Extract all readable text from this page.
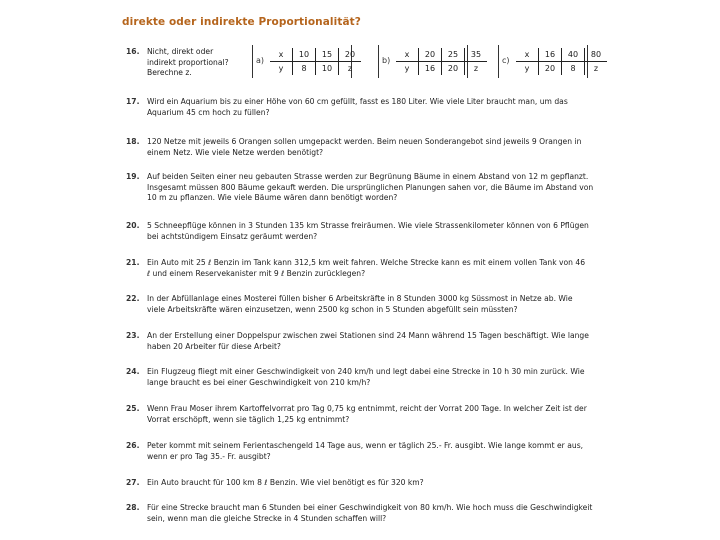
direkte oder indirekte Proportionalität?
16. Nicht, direkt oder
indirekt proportional?
Berechne z.
a)
x	10	15	20
y	8	10	z
b)
x	20	25	35
y	16	20	z
c)
x	16	40	80
y	20	8	z
17. Wird ein Aquarium bis zu einer Höhe von 60 cm gefüllt, fasst es 180 Liter. Wie viele Liter braucht man, um das
Aquarium 45 cm hoch zu füllen?
18. 120 Netze mit jeweils 6 Orangen sollen umgepackt werden. Beim neuen Sonderangebot sind jeweils 9 Orangen in
einem Netz. Wie viele Netze werden benötigt?
19. Auf beiden Seiten einer neu gebauten Strasse werden zur Begrünung Bäume in einem Abstand von 12 m gepflanzt.
Insgesamt müssen 800 Bäume gekauft werden. Die ursprünglichen Planungen sahen vor, die Bäume im Abstand von
10 m zu pflanzen. Wie viele Bäume wären dann benötigt worden?
20. 5 Schneepflüge können in 3 Stunden 135 km Strasse freiräumen. Wie viele Strassenkilometer können von 6 Pflügen
bei achtstündigem Einsatz geräumt werden?
21. Ein Auto mit 25 ℓ Benzin im Tank kann 312,5 km weit fahren. Welche Strecke kann es mit einem vollen Tank von 46
ℓ und einem Reservekanister mit 9 ℓ Benzin zurücklegen?
22. In der Abfüllanlage eines Mosterei füllen bisher 6 Arbeitskräfte in 8 Stunden 3000 kg Süssmost in Netze ab. Wie
viele Arbeitskräfte wären einzusetzen, wenn 2500 kg schon in 5 Stunden abgefüllt sein müssten?
23. An der Erstellung einer Doppelspur zwischen zwei Stationen sind 24 Mann während 15 Tagen beschäftigt. Wie lange
haben 20 Arbeiter für diese Arbeit?
24. Ein Flugzeug fliegt mit einer Geschwindigkeit von 240 km/h und legt dabei eine Strecke in 10 h 30 min zurück. Wie
lange braucht es bei einer Geschwindigkeit von 210 km/h?
25. Wenn Frau Moser ihrem Kartoffelvorrat pro Tag 0,75 kg entnimmt, reicht der Vorrat 200 Tage. In welcher Zeit ist der
Vorrat erschöpft, wenn sie täglich 1,25 kg entnimmt?
26. Peter kommt mit seinem Ferientaschengeld 14 Tage aus, wenn er täglich 25.- Fr. ausgibt. Wie lange kommt er aus,
wenn er pro Tag 35.- Fr. ausgibt?
27. Ein Auto braucht für 100 km 8 ℓ Benzin. Wie viel benötigt es für 320 km?
28. Für eine Strecke braucht man 6 Stunden bei einer Geschwindigkeit von 80 km/h. Wie hoch muss die Geschwindigkeit
sein, wenn man die gleiche Strecke in 4 Stunden schaffen will?
